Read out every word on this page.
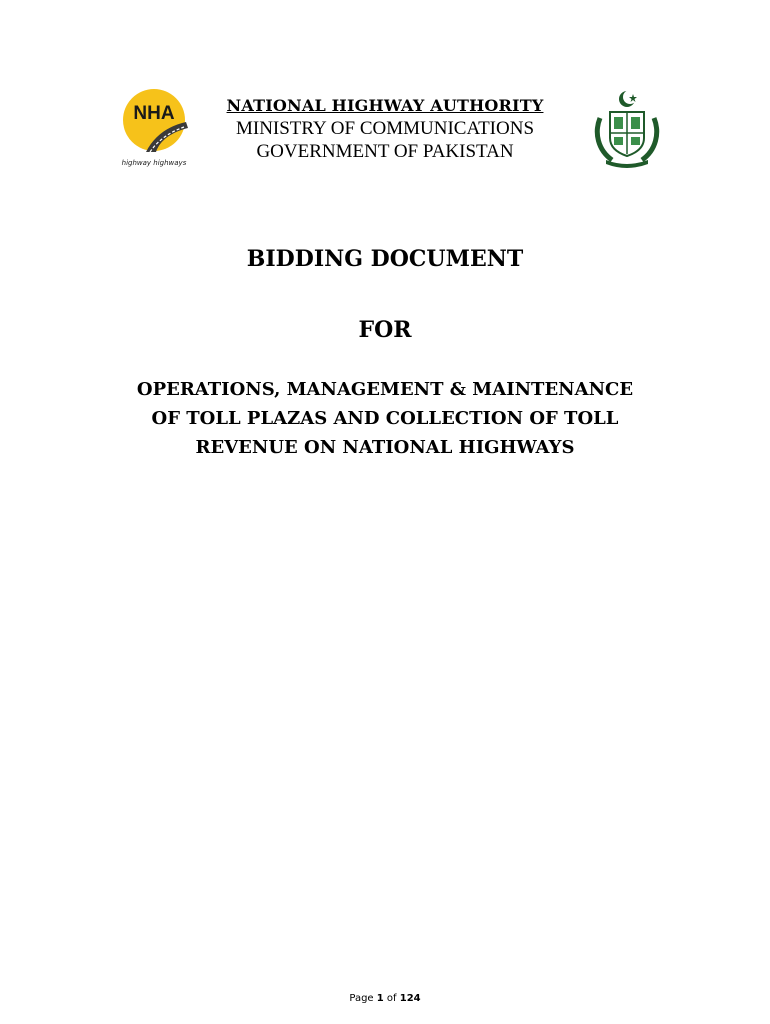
NHA
highway highways
NATIONAL HIGHWAY AUTHORITY
MINISTRY OF COMMUNICATIONS
GOVERNMENT OF PAKISTAN
BIDDING DOCUMENT
FOR
OPERATIONS, MANAGEMENT & MAINTENANCE
OF TOLL PLAZAS AND COLLECTION OF TOLL
REVENUE ON NATIONAL HIGHWAYS
Page 1 of 124
